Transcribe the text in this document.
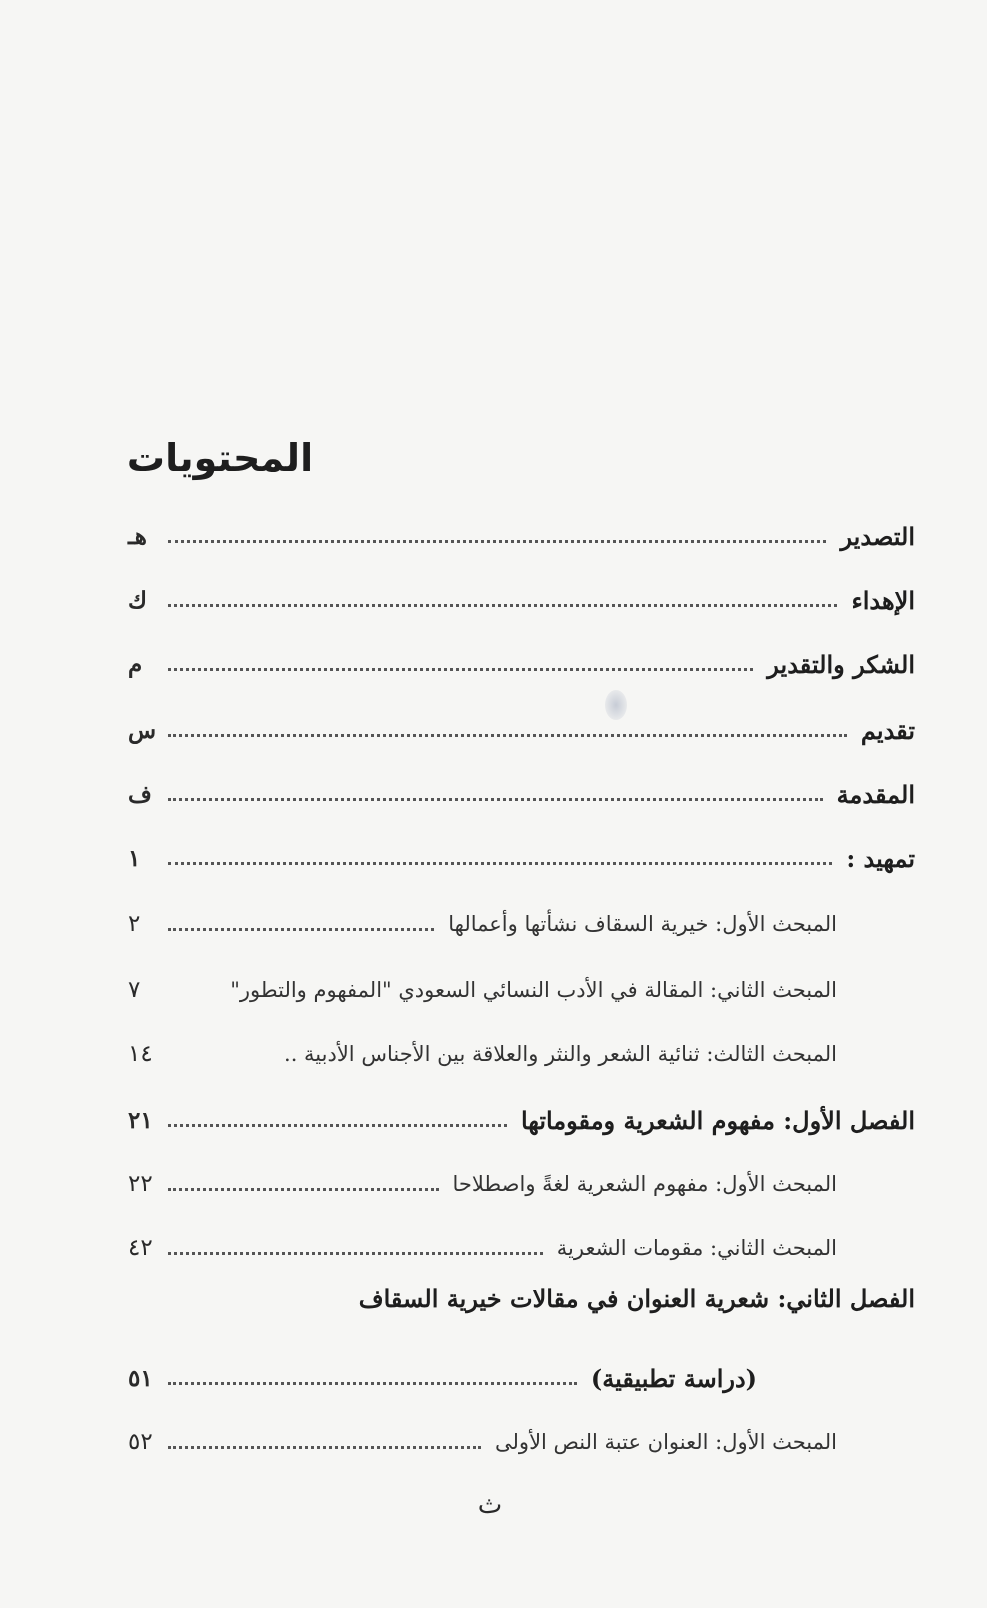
المحتويات
التصدير
هـ
الإهداء
ك
الشكر والتقدير
م
تقديم
س
المقدمة
ف
تمهيد :
١
المبحث الأول: خيرية السقاف نشأتها وأعمالها
٢
المبحث الثاني: المقالة في الأدب النسائي السعودي "المفهوم والتطور"
٧
المبحث الثالث: ثنائية الشعر والنثر والعلاقة بين الأجناس الأدبية ..
١٤
الفصل الأول: مفهوم الشعرية ومقوماتها
٢١
المبحث الأول: مفهوم الشعرية لغةً واصطلاحا
٢٢
المبحث الثاني: مقومات الشعرية
٤٢
الفصل الثاني: شعرية العنوان في مقالات خيرية السقاف
(دراسة تطبيقية)
٥١
المبحث الأول: العنوان عتبة النص الأولى
٥٢
ث
